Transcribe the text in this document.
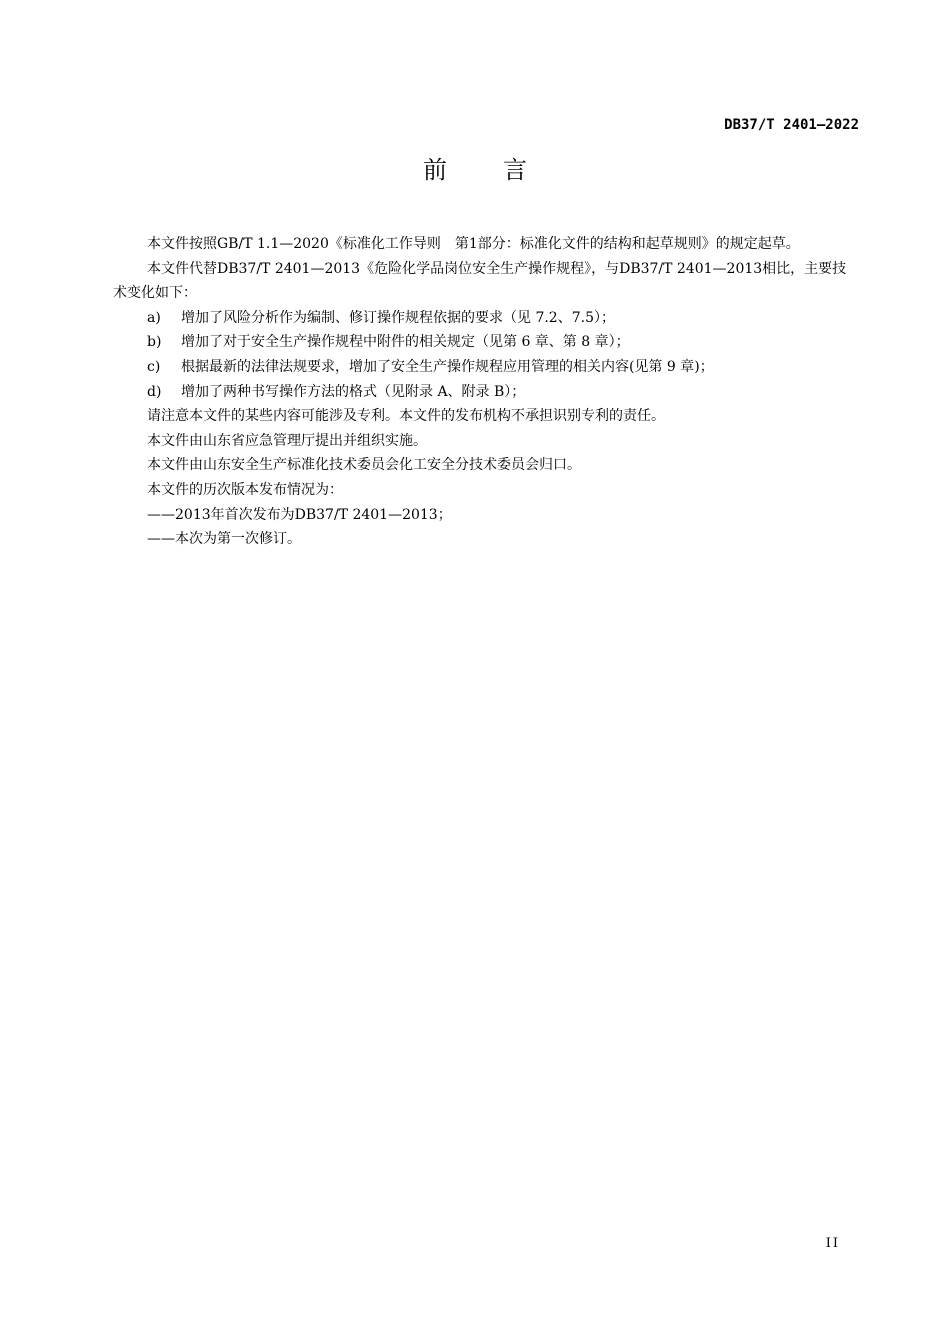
DB37/T 2401—2022
前言

本文件按照GB/T 1.1—2020《标准化工作导则　第1部分：标准化文件的结构和起草规则》的规定起草。

本文件代替DB37/T 2401—2013《危险化学品岗位安全生产操作规程》，与DB37/T 2401—2013相比，主要技术变化如下：

a) 增加了风险分析作为编制、修订操作规程依据的要求（见 7.2、7.5）；

b) 增加了对于安全生产操作规程中附件的相关规定（见第 6 章、第 8 章）；

c) 根据最新的法律法规要求，增加了安全生产操作规程应用管理的相关内容(见第 9 章)；

d) 增加了两种书写操作方法的格式（见附录 A、附录 B）；

请注意本文件的某些内容可能涉及专利。本文件的发布机构不承担识别专利的责任。

本文件由山东省应急管理厅提出并组织实施。

本文件由山东安全生产标准化技术委员会化工安全分技术委员会归口。

本文件的历次版本发布情况为：

——2013年首次发布为DB37/T 2401—2013；

——本次为第一次修订。

II
